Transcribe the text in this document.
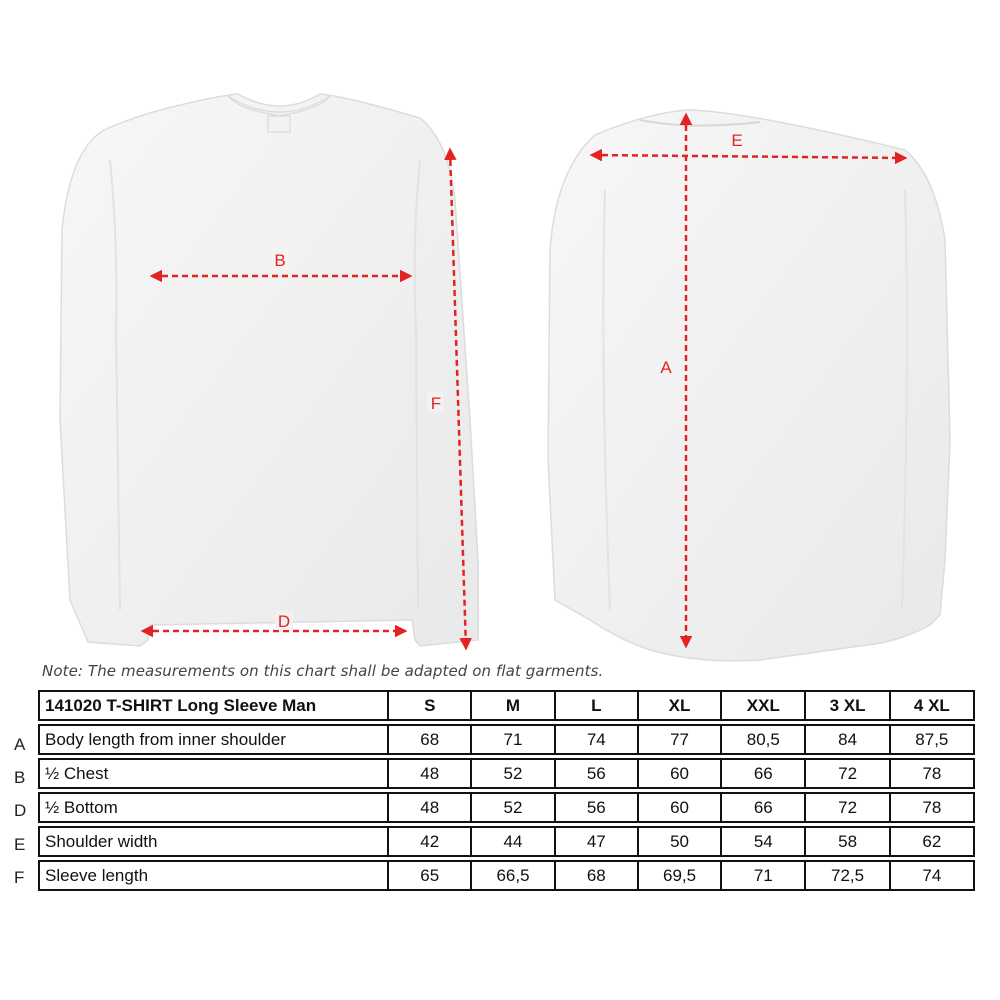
B
D
F
E
A
Note: The measurements on this chart shall be adapted on flat garments.
A
B
D
E
F
141020 T-SHIRT Long Sleeve Man	S	M	L	XL	XXL	3 XL	4 XL
Body length from inner shoulder	68	71	74	77	80,5	84	87,5
½ Chest	48	52	56	60	66	72	78
½ Bottom	48	52	56	60	66	72	78
Shoulder width	42	44	47	50	54	58	62
Sleeve length	65	66,5	68	69,5	71	72,5	74
